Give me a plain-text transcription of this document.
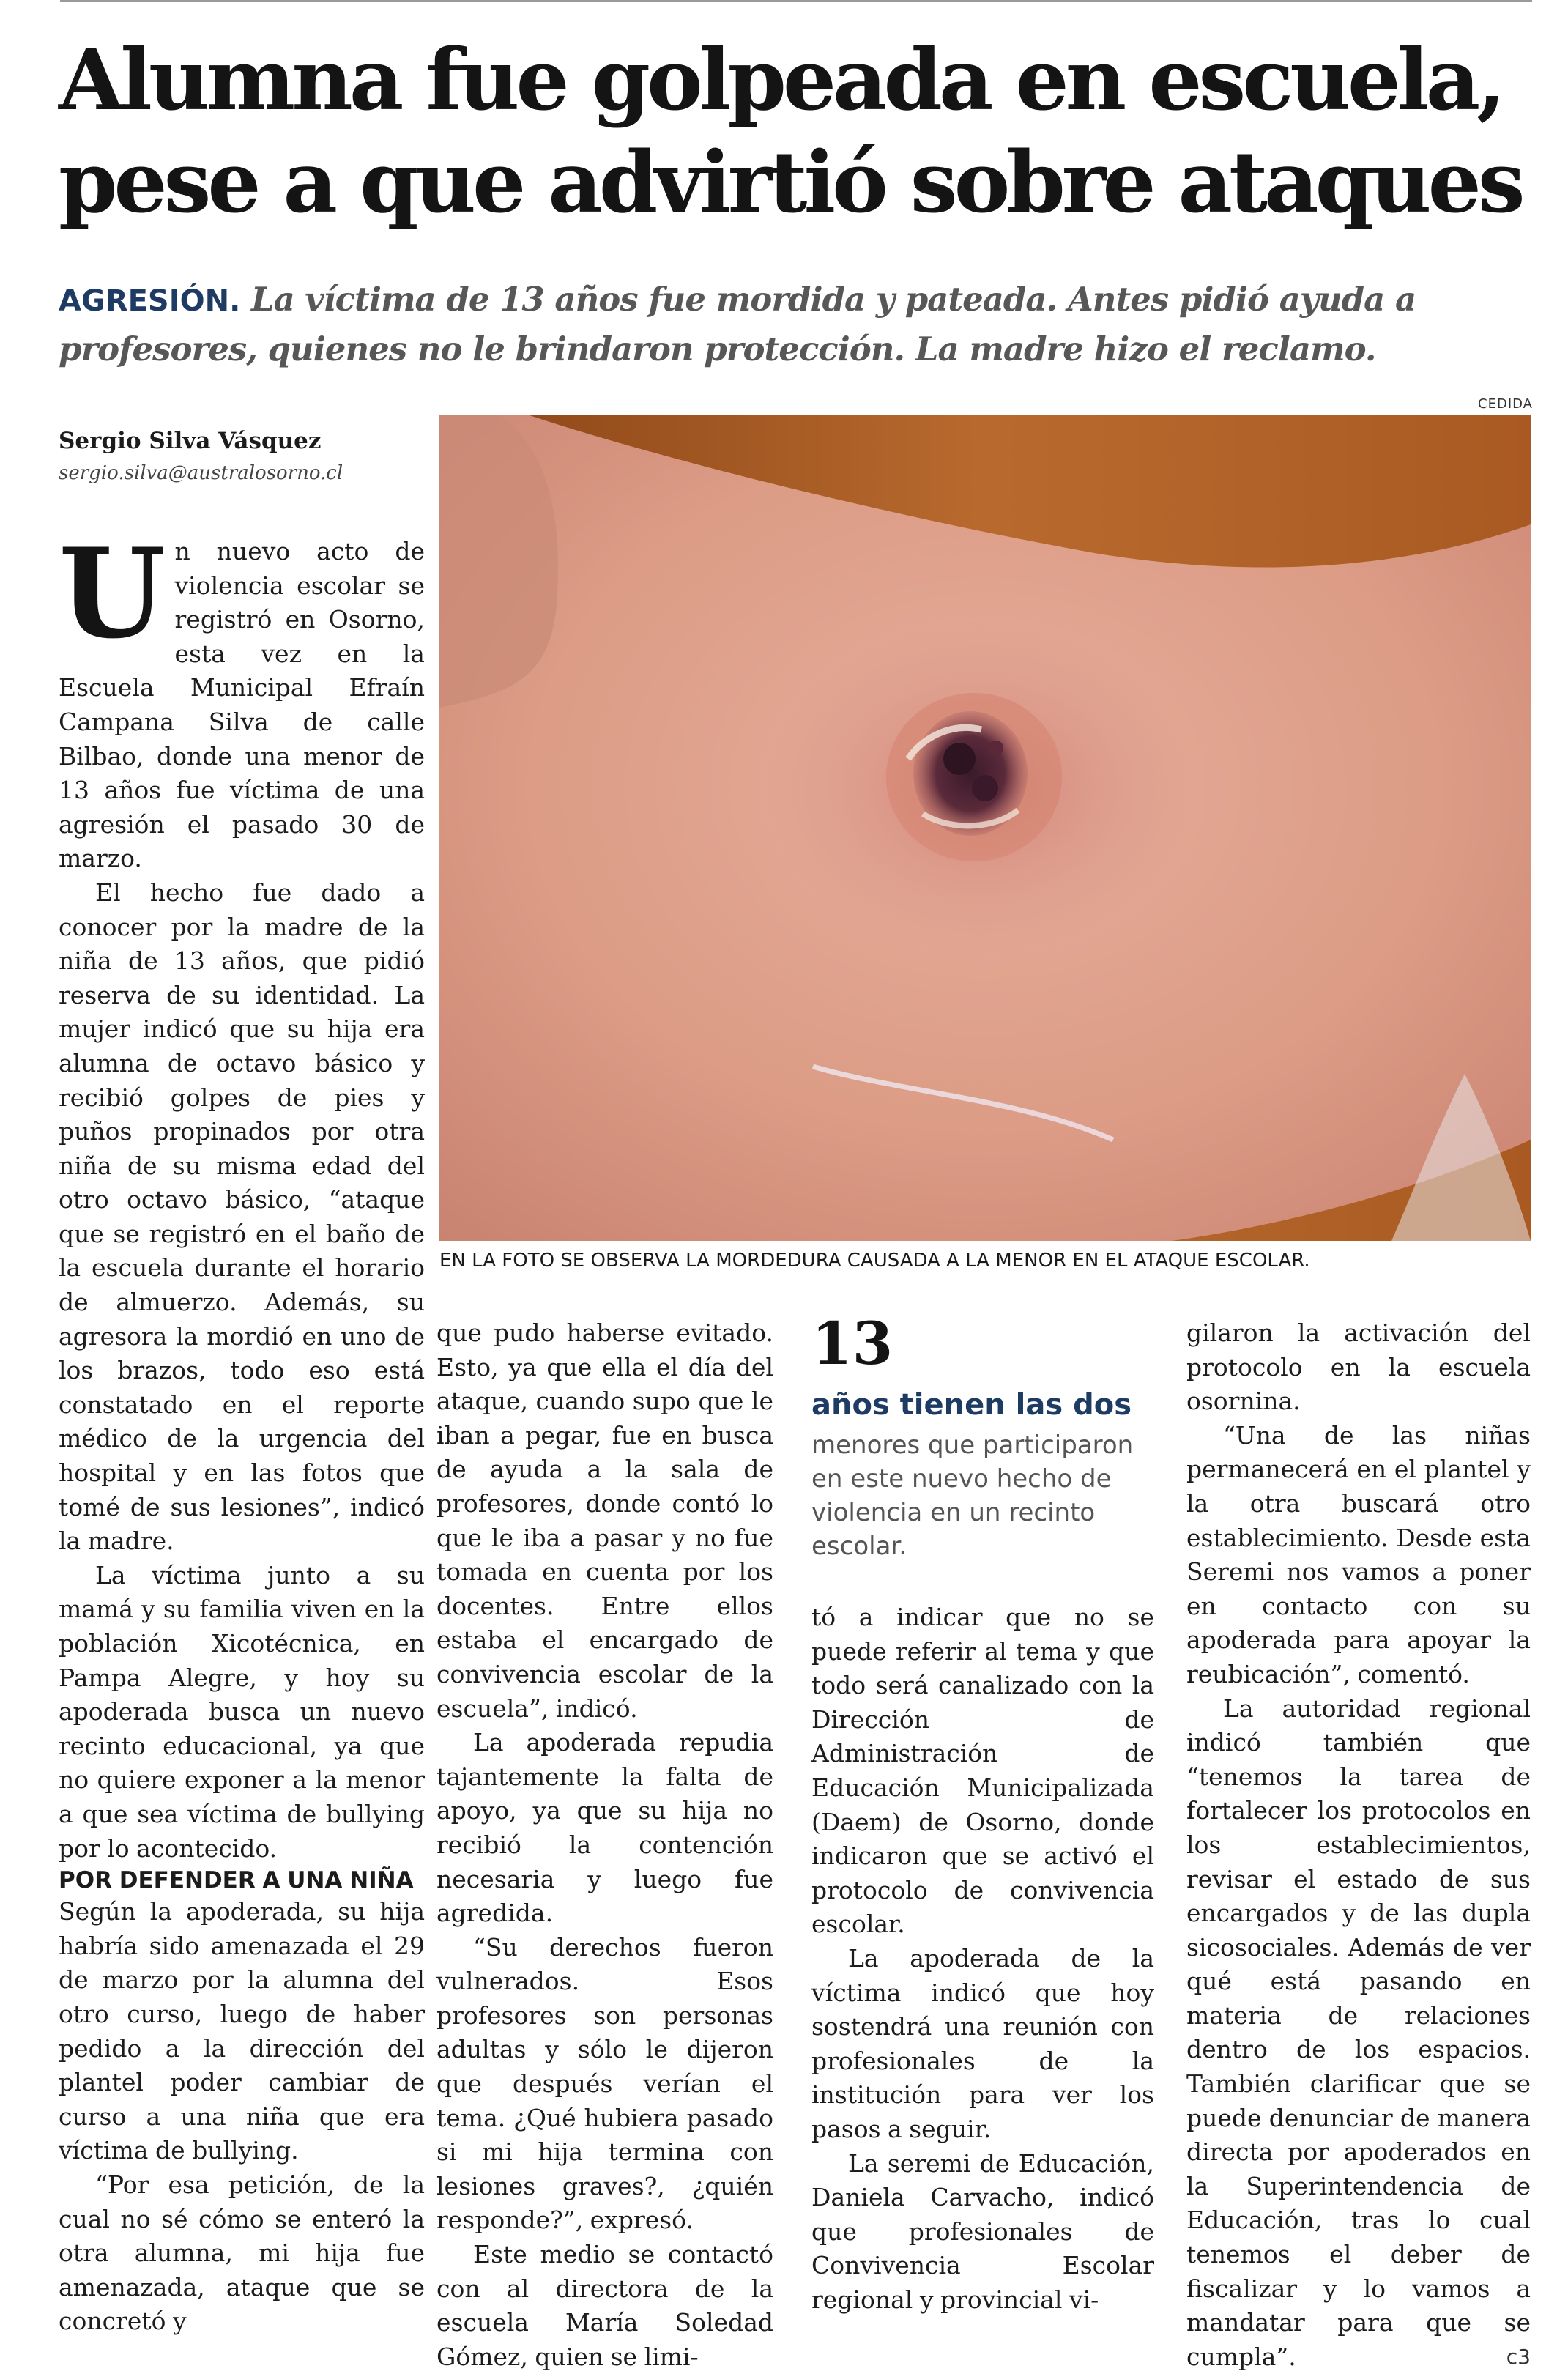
Alumna fue golpeada en escuela,
pese a que advirtió sobre ataques
AGRESIÓN. La víctima de 13 años fue mordida y pateada. Antes pidió ayuda a
profesores, quienes no le brindaron protección. La madre hizo el reclamo.
CEDIDA
EN LA FOTO SE OBSERVA LA MORDEDURA CAUSADA A LA MENOR EN EL ATAQUE ESCOLAR.
Sergio Silva Vásquez
sergio.silva@australosorno.cl

Un nuevo acto de violencia escolar se registró en Osorno, esta vez en la Escuela Municipal Efraín Campana Silva de calle Bilbao, donde una menor de 13 años fue víctima de una agresión el pasado 30 de marzo.

El hecho fue dado a conocer por la madre de la niña de 13 años, que pidió reserva de su identidad. La mujer indicó que su hija era alumna de octavo básico y recibió golpes de pies y puños propinados por otra niña de su misma edad del otro octavo básico, “ataque que se registró en el baño de la escuela durante el horario de almuerzo. Además, su agresora la mordió en uno de los brazos, todo eso está constatado en el reporte médico de la urgencia del hospital y en las fotos que tomé de sus lesiones”, indicó la madre.

La víctima junto a su mamá y su familia viven en la población Xicotécnica, en Pampa Alegre, y hoy su apoderada busca un nuevo recinto educacional, ya que no quiere exponer a la menor a que sea víctima de bullying por lo acontecido.

POR DEFENDER A UNA NIÑA

Según la apoderada, su hija habría sido amenazada el 29 de marzo por la alumna del otro curso, luego de haber pedido a la dirección del plantel poder cambiar de curso a una niña que era víctima de bullying.

“Por esa petición, de la cual no sé cómo se enteró la otra alumna, mi hija fue amenazada, ataque que se concretó y

que pudo haberse evitado. Esto, ya que ella el día del ataque, cuando supo que le iban a pegar, fue en busca de ayuda a la sala de profesores, donde contó lo que le iba a pasar y no fue tomada en cuenta por los docentes. Entre ellos estaba el encargado de convivencia escolar de la escuela”, indicó.

La apoderada repudia tajantemente la falta de apoyo, ya que su hija no recibió la contención necesaria y luego fue agredida.

“Su derechos fueron vulnerados. Esos profesores son personas adultas y sólo le dijeron que después verían el tema. ¿Qué hubiera pasado si mi hija termina con lesiones graves?, ¿quién responde?”, expresó.

Este medio se contactó con al directora de la escuela María Soledad Gómez, quien se limi-

13
años tienen las dos
menores que participaron en este nuevo hecho de violencia en un recinto escolar.

tó a indicar que no se puede referir al tema y que todo será canalizado con la Dirección de Administración de Educación Municipalizada (Daem) de Osorno, donde indicaron que se activó el protocolo de convivencia escolar.

La apoderada de la víctima indicó que hoy sostendrá una reunión con profesionales de la institución para ver los pasos a seguir.

La seremi de Educación, Daniela Carvacho, indicó que profesionales de Convivencia Escolar regional y provincial vi-

gilaron la activación del protocolo en la escuela osornina.

“Una de las niñas permanecerá en el plantel y la otra buscará otro establecimiento. Desde esta Seremi nos vamos a poner en contacto con su apoderada para apoyar la reubicación”, comentó.

La autoridad regional indicó también que “tenemos la tarea de fortalecer los protocolos en los establecimientos, revisar el estado de sus encargados y de las dupla sicosociales. Además de ver qué está pasando en materia de relaciones dentro de los espacios. También clarificar que se puede denunciar de manera directa por apoderados en la Superintendencia de Educación, tras lo cual tenemos el deber de fiscalizar y lo vamos a mandatar para que se cumpla”.	c3
